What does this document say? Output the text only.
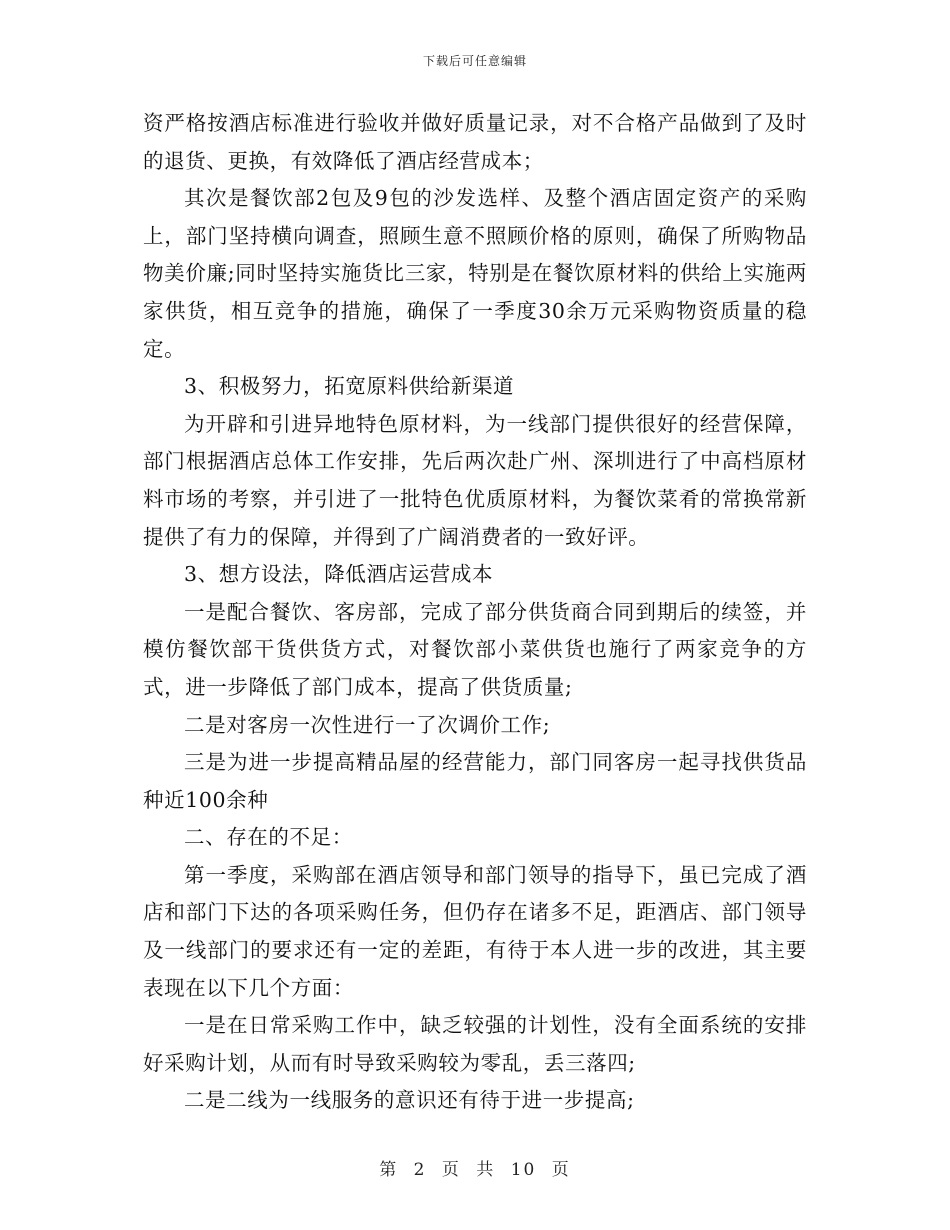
下载后可任意编辑

资严格按酒店标准进行验收并做好质量记录，对不合格产品做到了及时的退货、更换，有效降低了酒店经营成本；

其次是餐饮部2包及9包的沙发选样、及整个酒店固定资产的采购上，部门坚持横向调查，照顾生意不照顾价格的原则，确保了所购物品物美价廉;同时坚持实施货比三家，特别是在餐饮原材料的供给上实施两家供货，相互竞争的措施，确保了一季度30余万元采购物资质量的稳定。

3、积极努力，拓宽原料供给新渠道

为开辟和引进异地特色原材料，为一线部门提供很好的经营保障，部门根据酒店总体工作安排，先后两次赴广州、深圳进行了中高档原材料市场的考察，并引进了一批特色优质原材料，为餐饮菜肴的常换常新提供了有力的保障，并得到了广阔消费者的一致好评。

3、想方设法，降低酒店运营成本

一是配合餐饮、客房部，完成了部分供货商合同到期后的续签，并模仿餐饮部干货供货方式，对餐饮部小菜供货也施行了两家竞争的方式，进一步降低了部门成本，提高了供货质量;

二是对客房一次性进行一了次调价工作;

三是为进一步提高精品屋的经营能力，部门同客房一起寻找供货品种近100余种

二、存在的不足：

第一季度，采购部在酒店领导和部门领导的指导下，虽已完成了酒店和部门下达的各项采购任务，但仍存在诸多不足，距酒店、部门领导及一线部门的要求还有一定的差距，有待于本人进一步的改进，其主要表现在以下几个方面：

一是在日常采购工作中，缺乏较强的计划性，没有全面系统的安排好采购计划，从而有时导致采购较为零乱，丢三落四;

二是二线为一线服务的意识还有待于进一步提高;

第 2 页 共 10 页
